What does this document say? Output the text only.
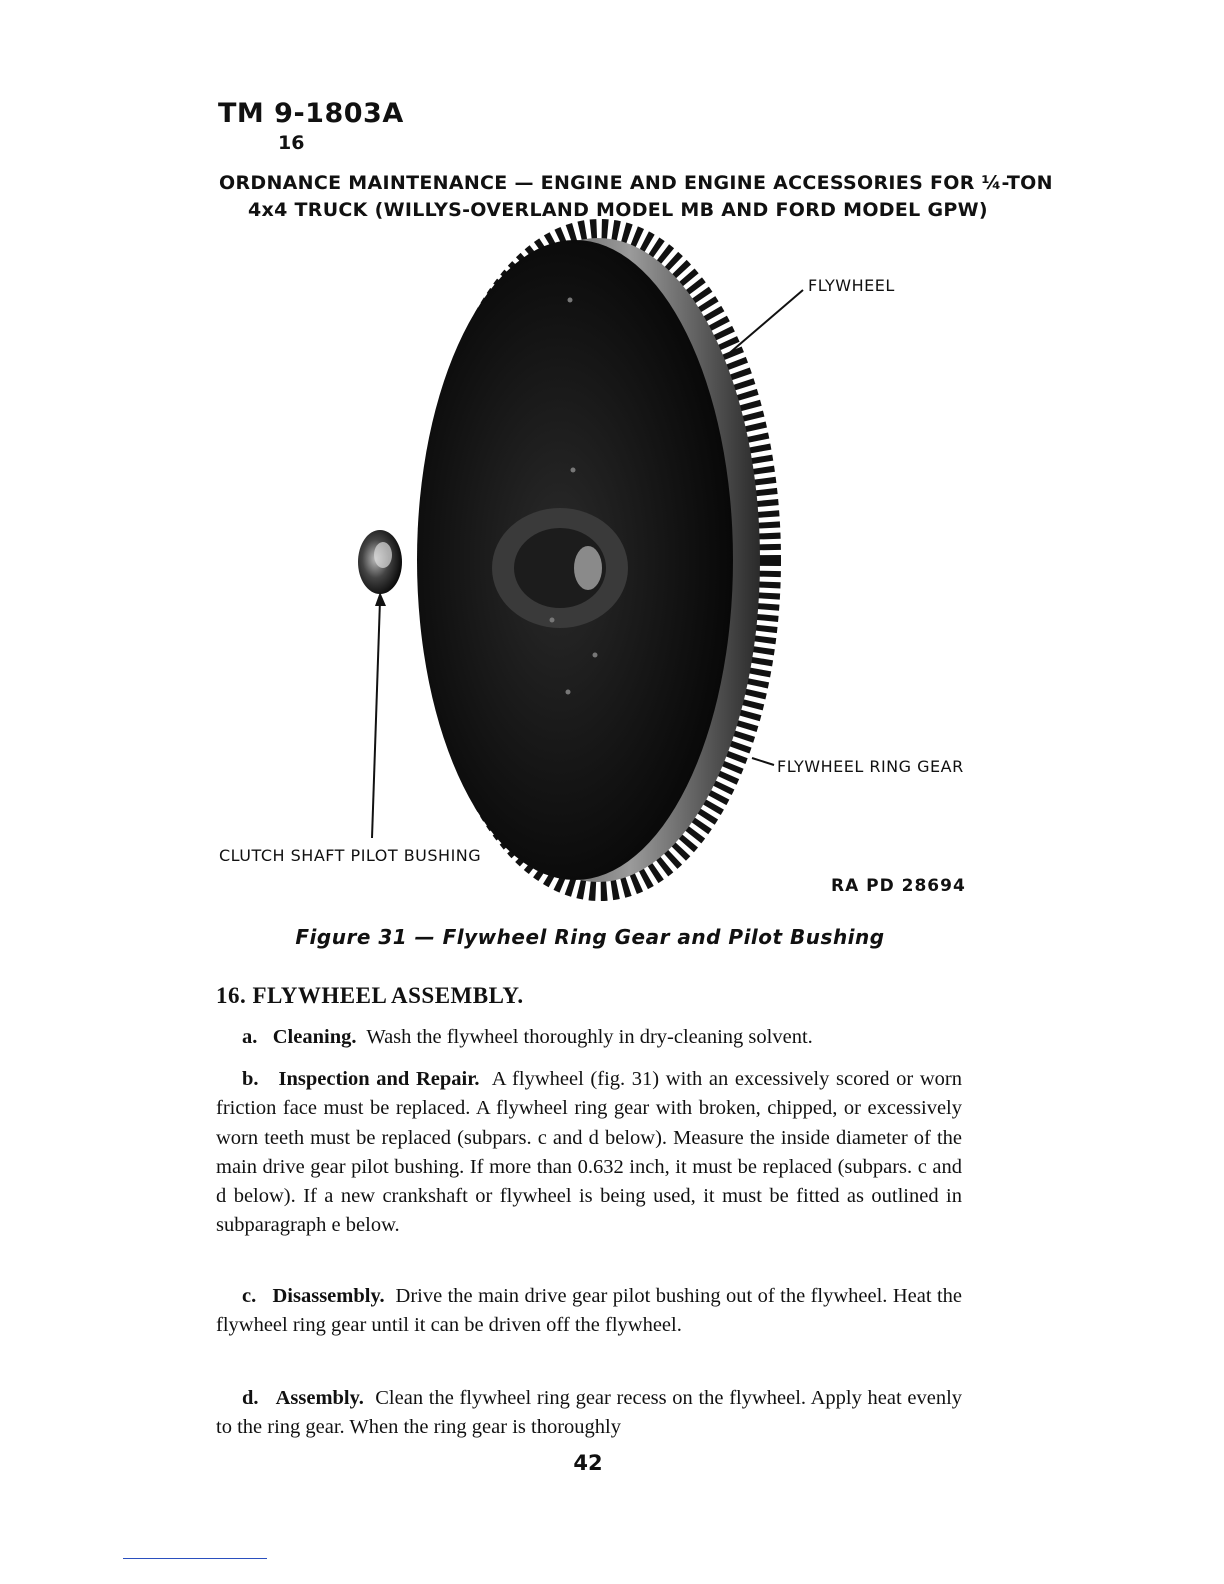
TM 9-1803A
16
ORDNANCE MAINTENANCE — ENGINE AND ENGINE ACCESSORIES FOR ¼-TON
4x4 TRUCK (WILLYS-OVERLAND MODEL MB AND FORD MODEL GPW)
FLYWHEEL
FLYWHEEL RING GEAR
CLUTCH SHAFT PILOT BUSHING
RA PD 28694
Figure 31 — Flywheel Ring Gear and Pilot Bushing
16. FLYWHEEL ASSEMBLY.

a. Cleaning. Wash the flywheel thoroughly in dry-cleaning solvent.

b. Inspection and Repair. A flywheel (fig. 31) with an excessively scored or worn friction face must be replaced. A flywheel ring gear with broken, chipped, or excessively worn teeth must be replaced (subpars. c and d below). Measure the inside diameter of the main drive gear pilot bushing. If more than 0.632 inch, it must be replaced (subpars. c and d below). If a new crankshaft or flywheel is being used, it must be fitted as outlined in subparagraph e below.

c. Disassembly. Drive the main drive gear pilot bushing out of the flywheel. Heat the flywheel ring gear until it can be driven off the flywheel.

d. Assembly. Clean the flywheel ring gear recess on the flywheel. Apply heat evenly to the ring gear. When the ring gear is thoroughly

42
